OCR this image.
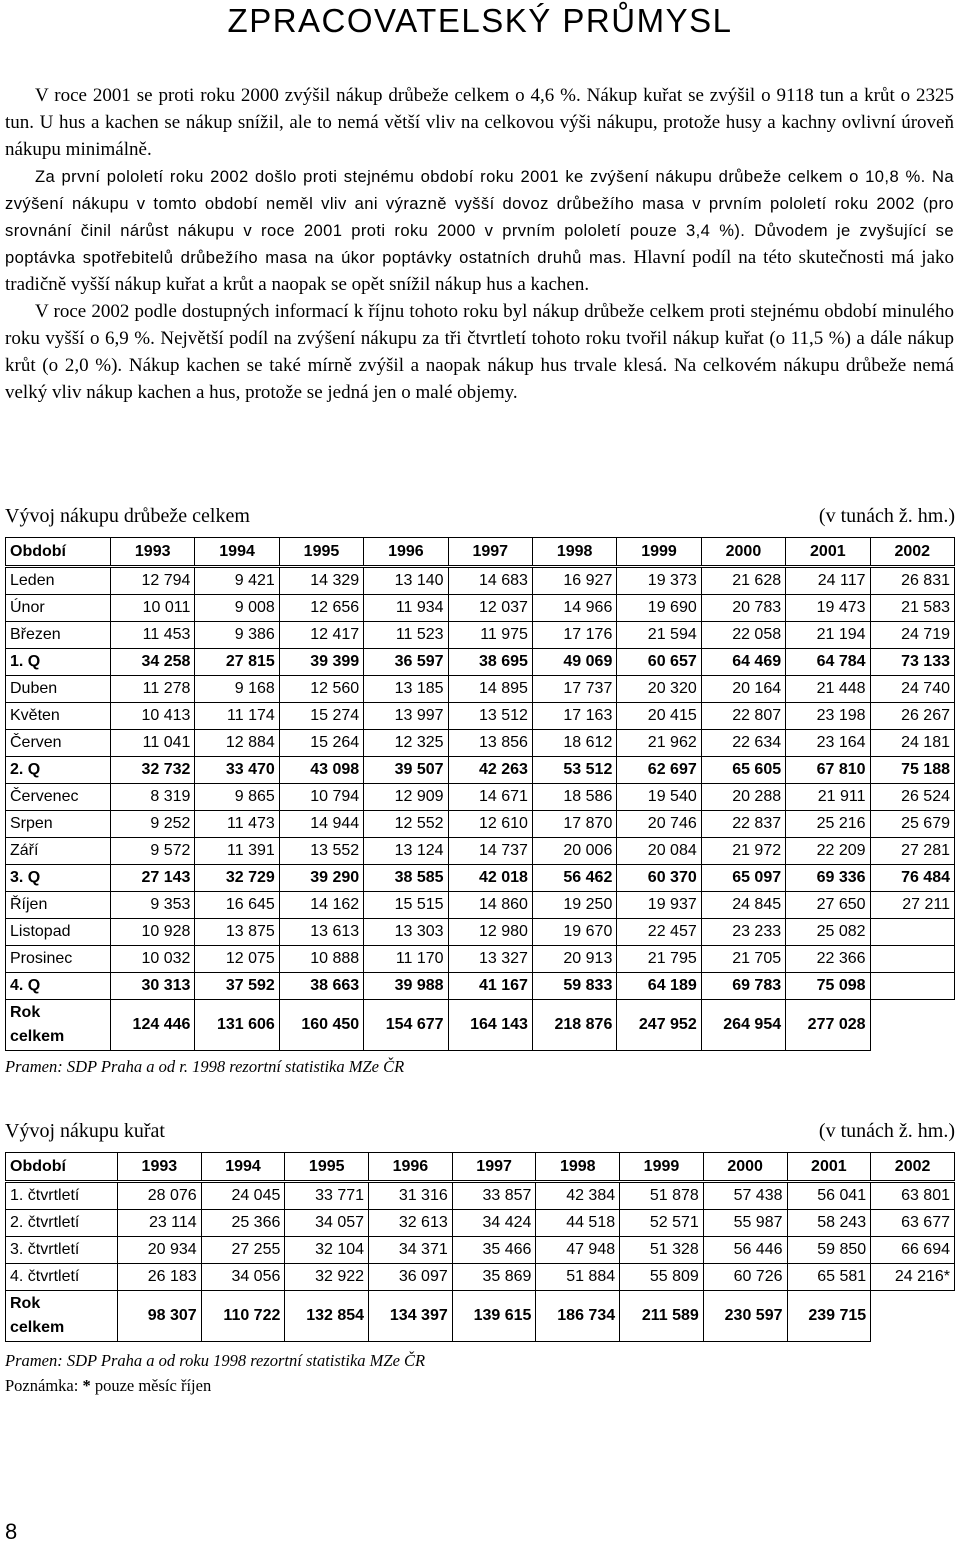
ZPRACOVATELSKÝ PRŮMYSL

V roce 2001 se proti roku 2000 zvýšil nákup drůbeže celkem o 4,6 %. Nákup kuřat se zvýšil o 9118 tun a krůt o 2325 tun. U hus a kachen se nákup snížil, ale to nemá větší vliv na celkovou výši nákupu, protože husy a kachny ovlivní úroveň nákupu minimálně.

Za první pololetí roku 2002 došlo proti stejnému období roku 2001 ke zvýšení nákupu drůbeže celkem o 10,8 %. Na zvýšení nákupu v tomto období neměl vliv ani výrazně vyšší dovoz drůbežího masa v prvním pololetí roku 2002 (pro srovnání činil nárůst nákupu v roce 2001 proti roku 2000 v prvním pololetí pouze 3,4 %). Důvodem je zvyšující se poptávka spotřebitelů drůbežího masa na úkor poptávky ostatních druhů mas. Hlavní podíl na této skutečnosti má jako tradičně vyšší nákup kuřat a krůt a naopak se opět snížil nákup hus a kachen.

V roce 2002 podle dostupných informací k říjnu tohoto roku byl nákup drůbeže celkem proti stejnému období minulého roku vyšší o 6,9 %. Největší podíl na zvýšení nákupu za tři čtvrtletí tohoto roku tvořil nákup kuřat (o 11,5 %) a dále nákup krůt (o 2,0 %). Nákup kachen se také mírně zvýšil a naopak nákup hus trvale klesá. Na celkovém nákupu drůbeže nemá velký vliv nákup kachen a hus, protože se jedná jen o malé objemy.

Vývoj nákupu drůbeže celkem	(v tunách ž. hm.)
Období	1993	1994	1995	1996	1997	1998	1999	2000	2001	2002
Leden	12 794	9 421	14 329	13 140	14 683	16 927	19 373	21 628	24 117	26 831
Únor	10 011	9 008	12 656	11 934	12 037	14 966	19 690	20 783	19 473	21 583
Březen	11 453	9 386	12 417	11 523	11 975	17 176	21 594	22 058	21 194	24 719
1. Q	34 258	27 815	39 399	36 597	38 695	49 069	60 657	64 469	64 784	73 133
Duben	11 278	9 168	12 560	13 185	14 895	17 737	20 320	20 164	21 448	24 740
Květen	10 413	11 174	15 274	13 997	13 512	17 163	20 415	22 807	23 198	26 267
Červen	11 041	12 884	15 264	12 325	13 856	18 612	21 962	22 634	23 164	24 181
2. Q	32 732	33 470	43 098	39 507	42 263	53 512	62 697	65 605	67 810	75 188
Červenec	8 319	9 865	10 794	12 909	14 671	18 586	19 540	20 288	21 911	26 524
Srpen	9 252	11 473	14 944	12 552	12 610	17 870	20 746	22 837	25 216	25 679
Září	9 572	11 391	13 552	13 124	14 737	20 006	20 084	21 972	22 209	27 281
3. Q	27 143	32 729	39 290	38 585	42 018	56 462	60 370	65 097	69 336	76 484
Říjen	9 353	16 645	14 162	15 515	14 860	19 250	19 937	24 845	27 650	27 211
Listopad	10 928	13 875	13 613	13 303	12 980	19 670	22 457	23 233	25 082	
Prosinec	10 032	12 075	10 888	11 170	13 327	20 913	21 795	21 705	22 366	
4. Q	30 313	37 592	38 663	39 988	41 167	59 833	64 189	69 783	75 098	
Rok
celkem	124 446	131 606	160 450	154 677	164 143	218 876	247 952	264 954	277 028	
Pramen: SDP Praha a od r. 1998 rezortní statistika MZe ČR
Vývoj nákupu kuřat	(v tunách ž. hm.)
Období	1993	1994	1995	1996	1997	1998	1999	2000	2001	2002
1. čtvrtletí	28 076	24 045	33 771	31 316	33 857	42 384	51 878	57 438	56 041	63 801
2. čtvrtletí	23 114	25 366	34 057	32 613	34 424	44 518	52 571	55 987	58 243	63 677
3. čtvrtletí	20 934	27 255	32 104	34 371	35 466	47 948	51 328	56 446	59 850	66 694
4. čtvrtletí	26 183	34 056	32 922	36 097	35 869	51 884	55 809	60 726	65 581	24 216*
Rok
celkem	98 307	110 722	132 854	134 397	139 615	186 734	211 589	230 597	239 715	
Pramen: SDP Praha a od roku 1998 rezortní statistika MZe ČR
Poznámka: * pouze měsíc říjen
8
